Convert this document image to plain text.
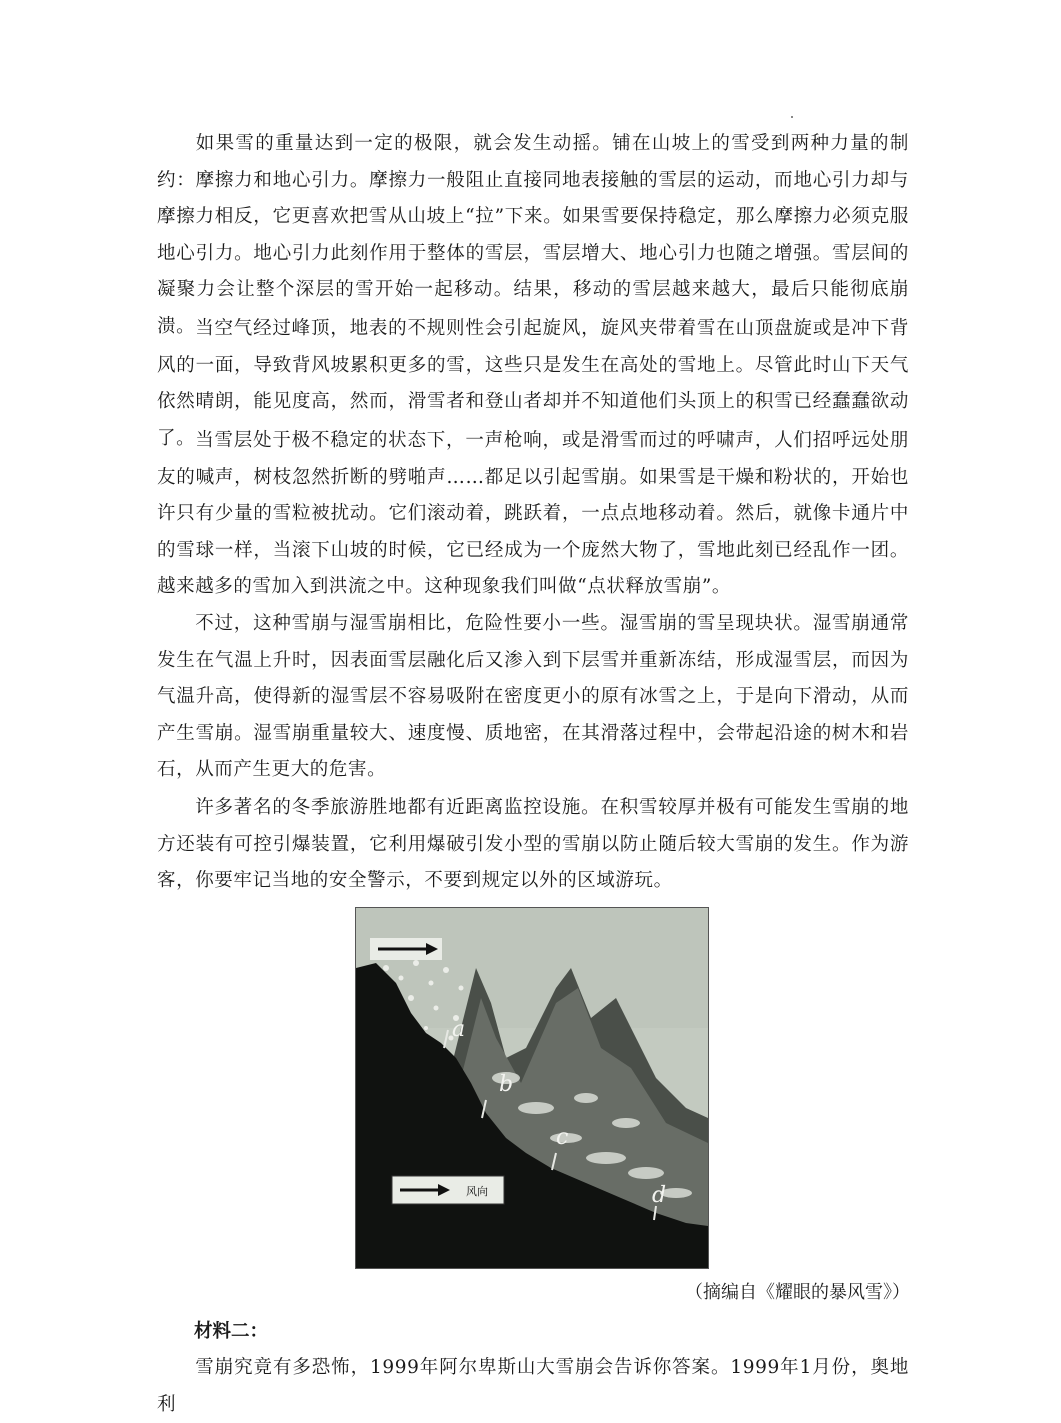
如果雪的重量达到一定的极限，就会发生动摇。铺在山坡上的雪受到两种力量的制约：摩擦力和地心引力。摩擦力一般阻止直接同地表接触的雪层的运动，而地心引力却与摩擦力相反，它更喜欢把雪从山坡上“拉”下来。如果雪要保持稳定，那么摩擦力必须克服地心引力。地心引力此刻作用于整体的雪层，雪层增大、地心引力也随之增强。雪层间的凝聚力会让整个深层的雪开始一起移动。结果，移动的雪层越来越大，最后只能彻底崩溃。 当空气经过峰顶，地表的不规则性会引起旋风，旋风夹带着雪在山顶盘旋或是冲下背风的一面，导致背风坡累积更多的雪，这些只是发生在高处的雪地上。尽管此时山下天气依然晴朗，能见度高，然而，滑雪者和登山者却并不知道他们头顶上的积雪已经蠢蠢欲动了。 当雪层处于极不稳定的状态下，一声枪响，或是滑雪而过的呼啸声，人们招呼远处朋友的喊声，树枝忽然折断的劈啪声……都足以引起雪崩。如果雪是干燥和粉状的，开始也许只有少量的雪粒被扰动。它们滚动着，跳跃着，一点点地移动着。然后，就像卡通片中的雪球一样，当滚下山坡的时候，它已经成为一个庞然大物了，雪地此刻已经乱作一团。越来越多的雪加入到洪流之中。这种现象我们叫做“点状释放雪崩”。

不过，这种雪崩与湿雪崩相比，危险性要小一些。湿雪崩的雪呈现块状。湿雪崩通常发生在气温上升时，因表面雪层融化后又渗入到下层雪并重新冻结，形成湿雪层，而因为气温升高，使得新的湿雪层不容易吸附在密度更小的原有冰雪之上，于是向下滑动，从而产生雪崩。湿雪崩重量较大、速度慢、质地密，在其滑落过程中，会带起沿途的树木和岩石，从而产生更大的危害。

许多著名的冬季旅游胜地都有近距离监控设施。在积雪较厚并极有可能发生雪崩的地方还装有可控引爆装置，它利用爆破引发小型的雪崩以防止随后较大雪崩的发生。作为游客，你要牢记当地的安全警示，不要到规定以外的区域游玩。

风向
a
b
c
d

（摘编自《耀眼的暴风雪》）

材料二：

雪崩究竟有多恐怖，1999年阿尔卑斯山大雪崩会告诉你答案。1999年1月份，奥地利
